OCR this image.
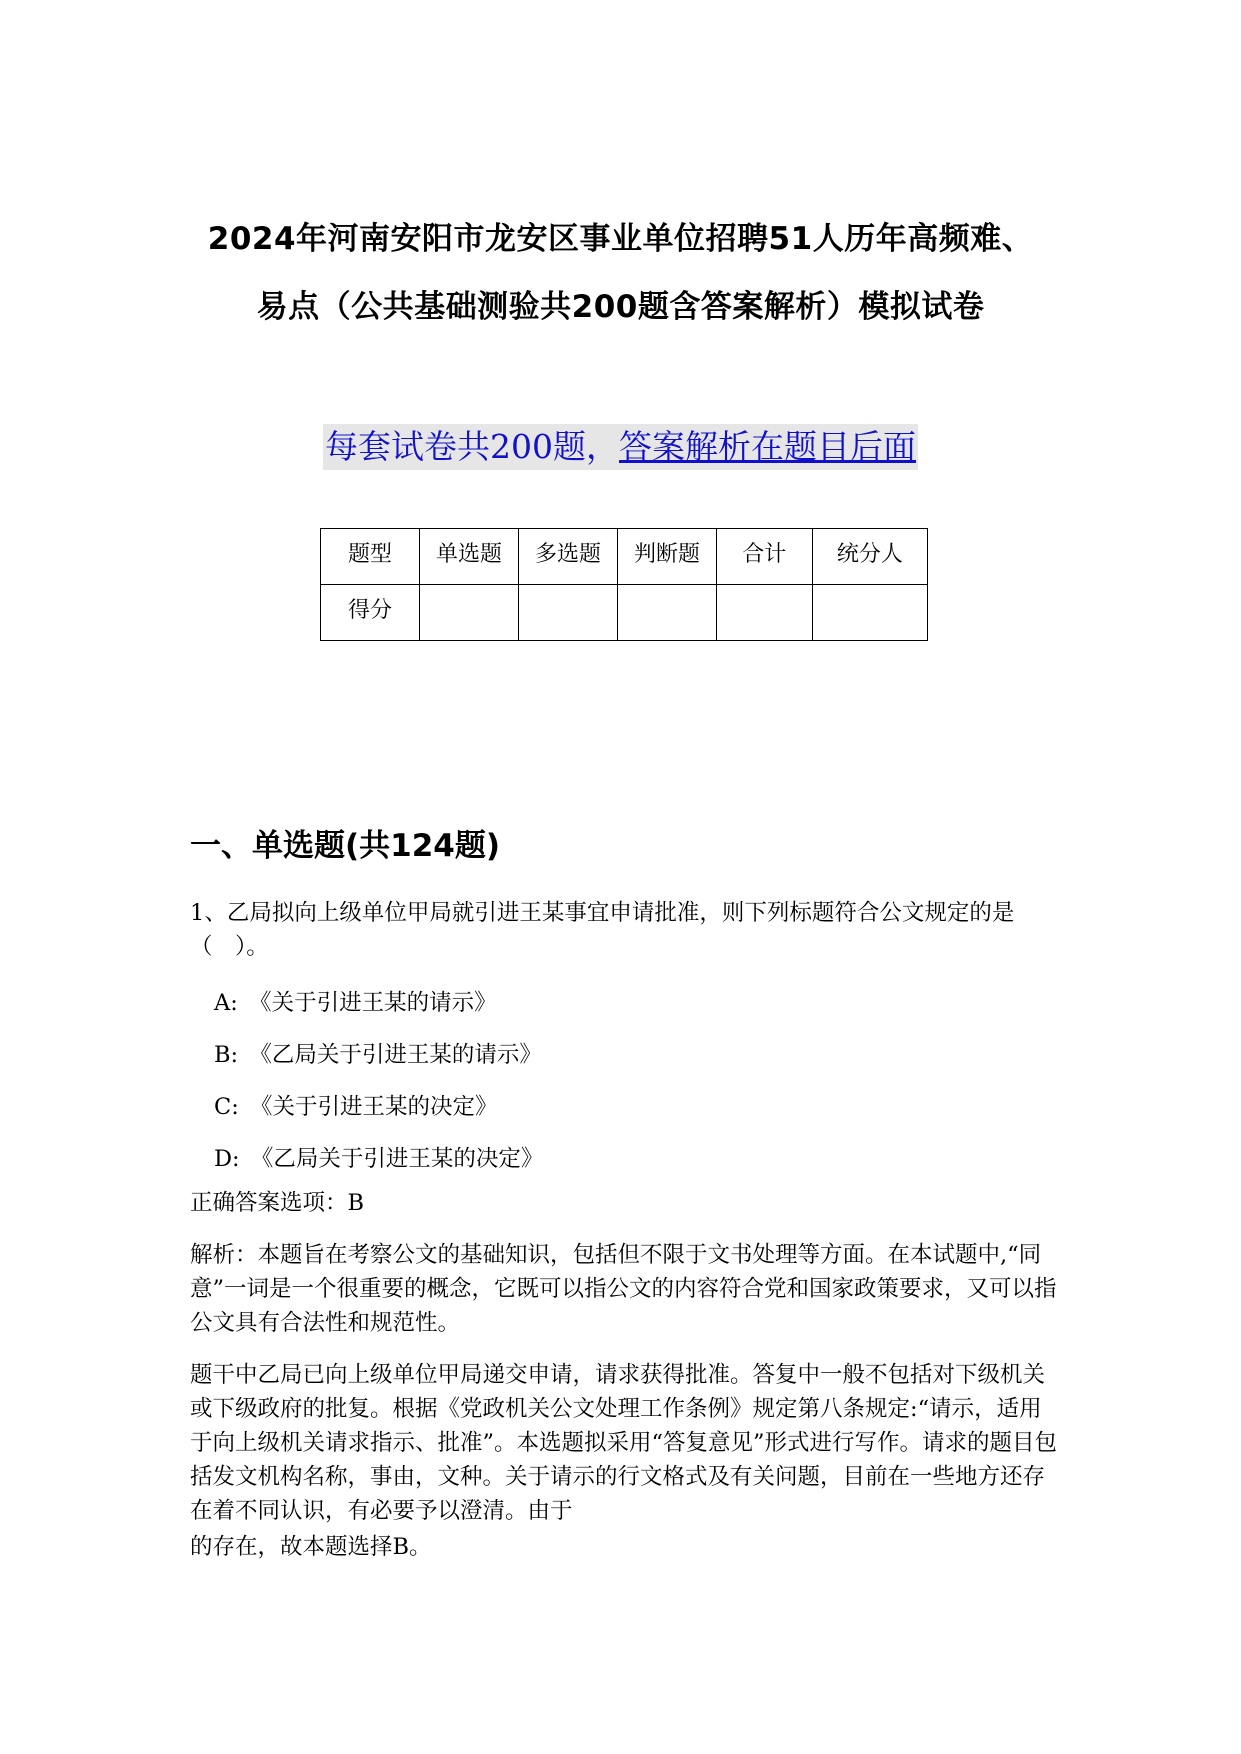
2024年河南安阳市龙安区事业单位招聘51人历年高频难、
易点（公共基础测验共200题含答案解析）模拟试卷
每套试卷共200题，答案解析在题目后面
题型	单选题	多选题	判断题	合计	统分人
得分					
一、单选题(共124题)
1、乙局拟向上级单位甲局就引进王某事宜申请批准，则下列标题符合公文规定的是（　）。
A:　《关于引进王某的请示》
B:　《乙局关于引进王某的请示》
C:　《关于引进王某的决定》
D:　《乙局关于引进王某的决定》
正确答案选项：B
解析：本题旨在考察公文的基础知识，包括但不限于文书处理等方面。在本试题中,“同意”一词是一个很重要的概念，它既可以指公文的内容符合党和国家政策要求，又可以指公文具有合法性和规范性。
题干中乙局已向上级单位甲局递交申请，请求获得批准。答复中一般不包括对下级机关或下级政府的批复。根据《党政机关公文处理工作条例》规定第八条规定:“请示，适用于向上级机关请求指示、批准”。本选题拟采用“答复意见”形式进行写作。请求的题目包括发文机构名称，事由，文种。关于请示的行文格式及有关问题，目前在一些地方还存在着不同认识，有必要予以澄清。由于
的存在，故本题选择B。
